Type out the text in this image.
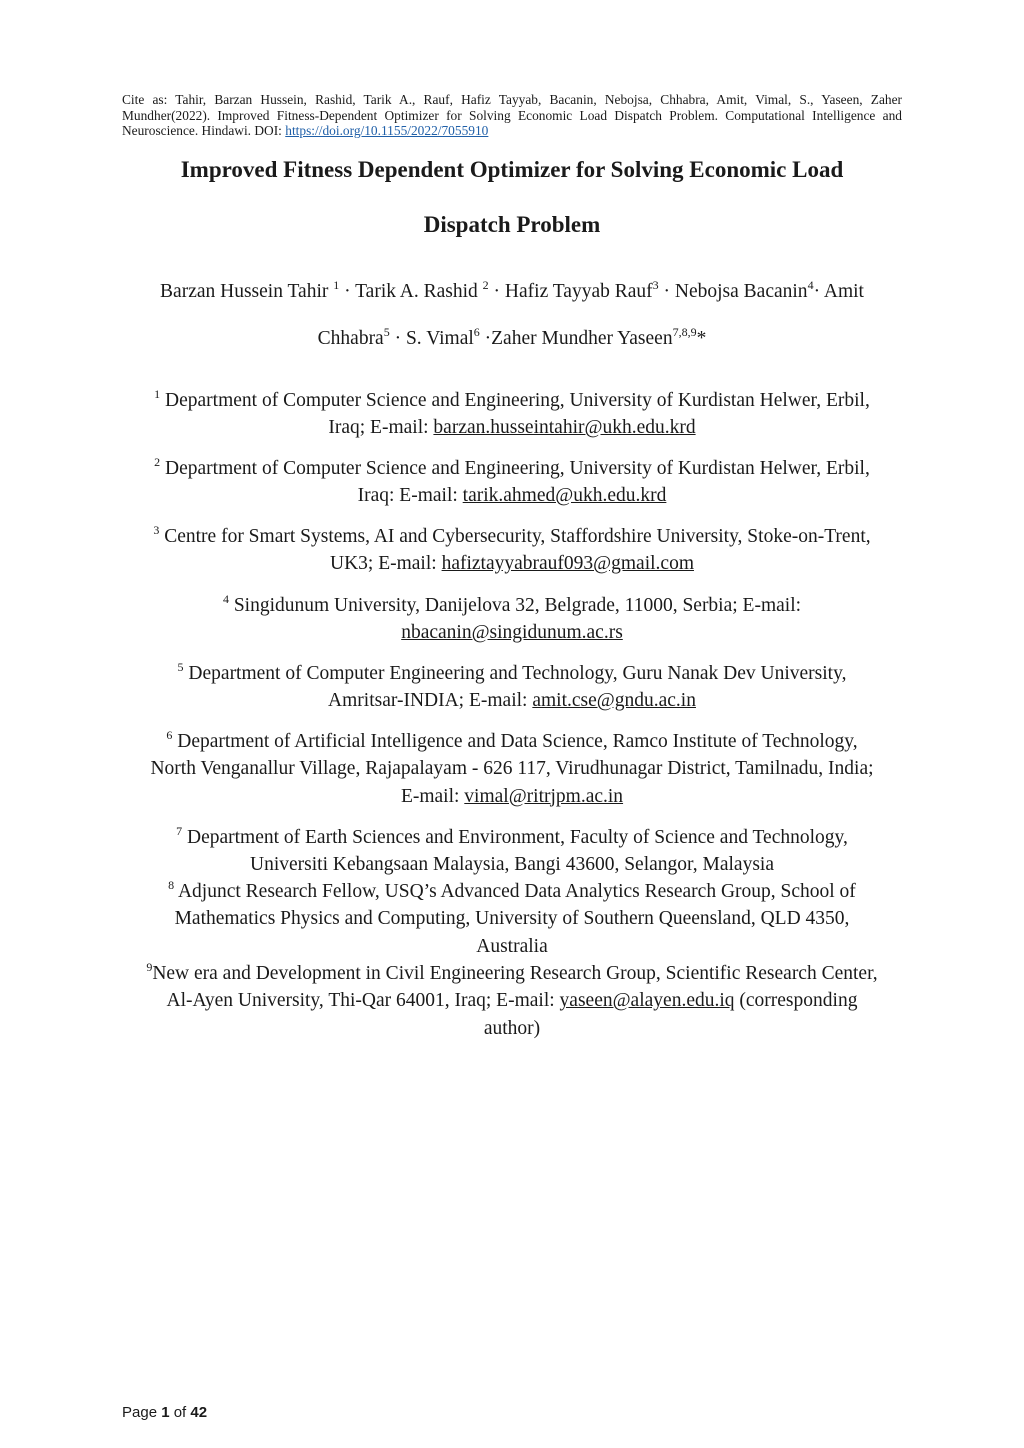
Cite as: Tahir, Barzan Hussein, Rashid, Tarik A., Rauf, Hafiz Tayyab, Bacanin, Nebojsa, Chhabra, Amit, Vimal, S., Yaseen, Zaher Mundher(2022). Improved Fitness-Dependent Optimizer for Solving Economic Load Dispatch Problem. Computational Intelligence and Neuroscience. Hindawi. DOI: https://doi.org/10.1155/2022/7055910
Improved Fitness Dependent Optimizer for Solving Economic Load
Dispatch Problem
Barzan Hussein Tahir $^1$ · Tarik A. Rashid $^2$ · Hafiz Tayyab Rauf$^3$ · Nebojsa Bacanin$^4$· Amit
Chhabra$^5$ · S. Vimal$^6$ ·Zaher Mundher Yaseen$^{7,8,9}$*
$^1$ Department of Computer Science and Engineering, University of Kurdistan Helwer, Erbil,
Iraq; E-mail: barzan.husseintahir@ukh.edu.krd
$^2$ Department of Computer Science and Engineering, University of Kurdistan Helwer, Erbil,
Iraq: E-mail: tarik.ahmed@ukh.edu.krd
$^3$ Centre for Smart Systems, AI and Cybersecurity, Staffordshire University, Stoke-on-Trent,
UK3; E-mail: hafiztayyabrauf093@gmail.com
$^4$ Singidunum University, Danijelova 32, Belgrade, 11000, Serbia; E-mail:
nbacanin@singidunum.ac.rs
$^5$ Department of Computer Engineering and Technology, Guru Nanak Dev University,
Amritsar-INDIA; E-mail: amit.cse@gndu.ac.in
$^6$ Department of Artificial Intelligence and Data Science, Ramco Institute of Technology,
North Venganallur Village, Rajapalayam - 626 117, Virudhunagar District, Tamilnadu, India;
E-mail: vimal@ritrjpm.ac.in
$^7$ Department of Earth Sciences and Environment, Faculty of Science and Technology,
Universiti Kebangsaan Malaysia, Bangi 43600, Selangor, Malaysia
$^8$ Adjunct Research Fellow, USQ’s Advanced Data Analytics Research Group, School of
Mathematics Physics and Computing, University of Southern Queensland, QLD 4350,
Australia
$^9$New era and Development in Civil Engineering Research Group, Scientific Research Center,
Al-Ayen University, Thi-Qar 64001, Iraq; E-mail: yaseen@alayen.edu.iq (corresponding
author)
Page 1 of 42
